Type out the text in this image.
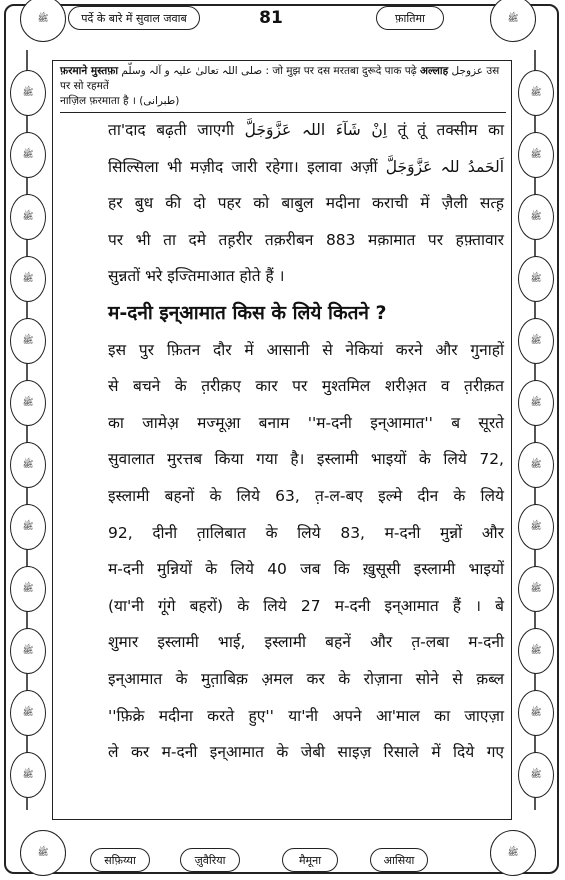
ﷺ	पर्दे के बारे में सुवाल जवाब	फ़ातिमा	ﷺ
81
ﷺ
ﷺ
ﷺ
ﷺ
ﷺ
ﷺ
ﷺ
ﷺ
ﷺ
ﷺ
ﷺ
ﷺ
ﷺ
ﷺ
ﷺ
ﷺ
ﷺ
ﷺ
ﷺ
ﷺ
ﷺ
ﷺ
ﷺ
ﷺ
फ़रमाने मुस्तफ़ा صلی اللہ تعالیٰ علیہ و آلہ وسلّم : जो मुझ पर दस मरतबा दुरूदे पाक पढ़े अल्लाह عزوجل उस पर सो रहमतें
नाज़िल फ़रमाता है । (طبرانی)
ता'दाद बढ़ती जाएगी اِنْ شَآءَ اللہ عَزَّوَجَلَّ तूं तूं तक्सीम का
सिल्सिला भी मज़ीद जारी रहेगा। इलावा अज़ीं اَلحَمدُ للہ عَزَّوَجَلَّ
हर बुध की दो पहर को बाबुल मदीना कराची में ज़ैली सत्ह़
पर भी ता दमे तह़रीर तक़रीबन 883 मक़ामात पर हफ़्तावार
सुन्नतों भरे इज्तिमाआत होते हैं ।
म-दनी इन्आमात किस के लिये कितने ?
इस पुर फ़ितन दौर में आसानी से नेकियां करने और गुनाहों
से बचने के त़रीक़ए कार पर मुश्तमिल शरीअ़त व त़रीक़त
का जामेअ़ मज्मूआ़ बनाम ''म-दनी इन्आमात'' ब सूरते
सुवालात मुरत्तब किया गया है। इस्लामी भाइयों के लिये 72,
इस्लामी बहनों के लिये 63, त़-ल-बए इल्मे दीन के लिये
92, दीनी त़ालिबात के लिये 83, म-दनी मुन्नों और
म-दनी मुन्नियों के लिये 40 जब कि ख़ुसूसी इस्लामी भाइयों
(या'नी गूंगे बहरों) के लिये 27 म-दनी इन्आमात हैं । बे
शुमार इस्लामी भाई, इस्लामी बहनें और त़-लबा म-दनी
इन्आमात के मुत़ाबिक़ अ़मल कर के रोज़ाना सोने से क़ब्ल
''फ़िक्रे मदीना करते हुए'' या'नी अपने आ'माल का जाएज़ा
ले कर म-दनी इन्आमात के जेबी साइज़ रिसाले में दिये गए
ﷺ
सफ़िय्या	ज़ुवैरिया	मैमूना	आसिया
ﷺ
